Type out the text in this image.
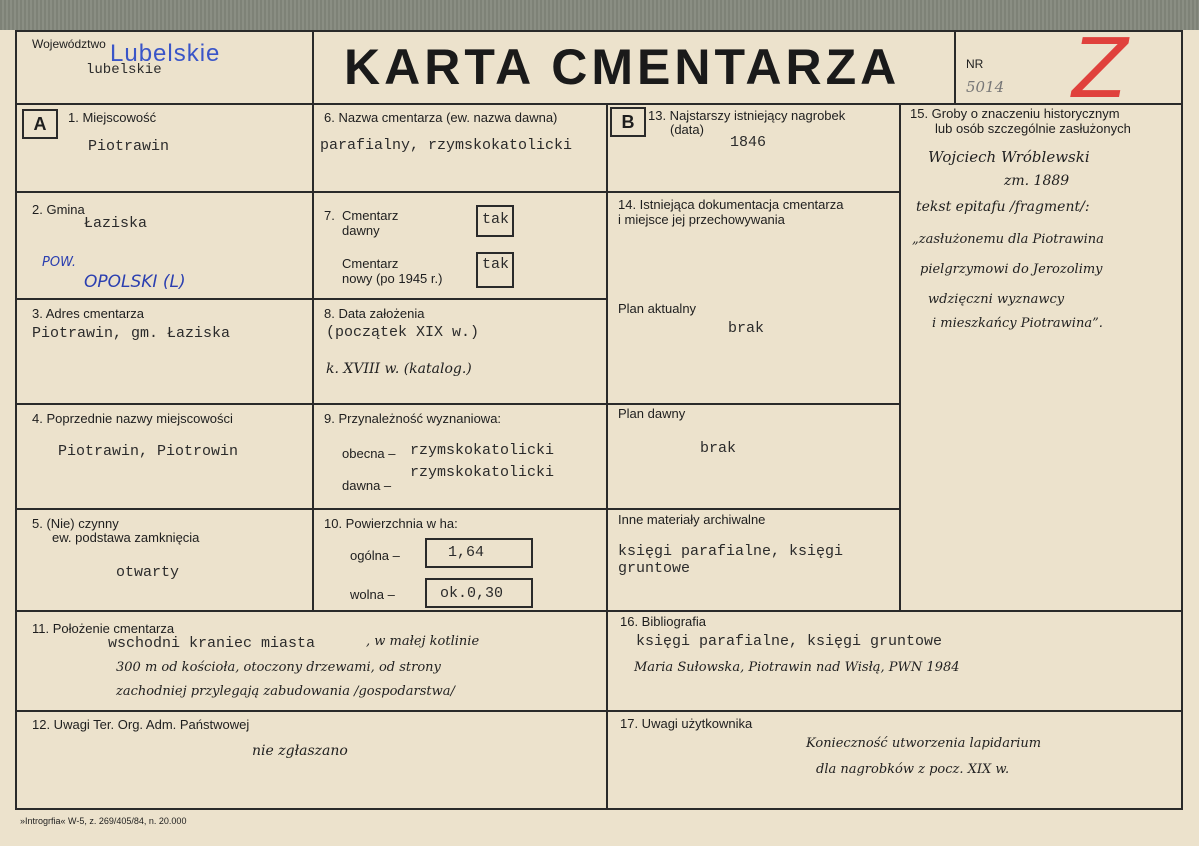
Województwo Lubelskie
lubelskie	KARTA CMENTARZA	NR
5014 Z
A	B
1. Miejscowość
Piotrawin
2. Gmina
Łaziska
POW.
OPOLSKI (L)
3. Adres cmentarza
Piotrawin, gm. Łaziska
4. Poprzednie nazwy miejscowości
Piotrawin, Piotrowin
5. (Nie) czynny
ew. podstawa zamknięcia
otwarty
6. Nazwa cmentarza (ew. nazwa dawna)
parafialny, rzymskokatolicki
7. Cmentarz
dawny
Cmentarz
nowy (po 1945 r.)
tak
tak
8. Data założenia
(początek XIX w.)
k. XVIII w. (katalog.)
9. Przynależność wyznaniowa:
obecna – rzymskokatolicki
dawna –
rzymskokatolicki
10. Powierzchnia w ha:
ogólna –	1,64
wolna –	ok.0,30
13. Najstarszy istniejący nagrobek
(data)
1846
14. Istniejąca dokumentacja cmentarza
i miejsce jej przechowywania
Plan aktualny
brak
Plan dawny
brak
Inne materiały archiwalne
księgi parafialne, księgi
gruntowe
15. Groby o znaczeniu historycznym
lub osób szczególnie zasłużonych
Wojciech Wróblewski
zm. 1889
tekst epitafu /fragment/:
„zasłużonemu dla Piotrawina
pielgrzymowi do Jerozolimy
wdzięczni wyznawcy
i mieszkańcy Piotrawina”.
11. Położenie cmentarza
wschodni kraniec miasta	, w małej kotlinie
300 m od kościoła, otoczony drzewami, od strony
zachodniej przylegają zabudowania /gospodarstwa/
16. Bibliografia
księgi parafialne, księgi gruntowe
Maria Sułowska, Piotrawin nad Wisłą, PWN 1984
12. Uwagi Ter. Org. Adm. Państwowej
nie zgłaszano
17. Uwagi użytkownika
Konieczność utworzenia lapidarium
dla nagrobków z pocz. XIX w.
»Introgrfia« W-5, z. 269/405/84, n. 20.000
